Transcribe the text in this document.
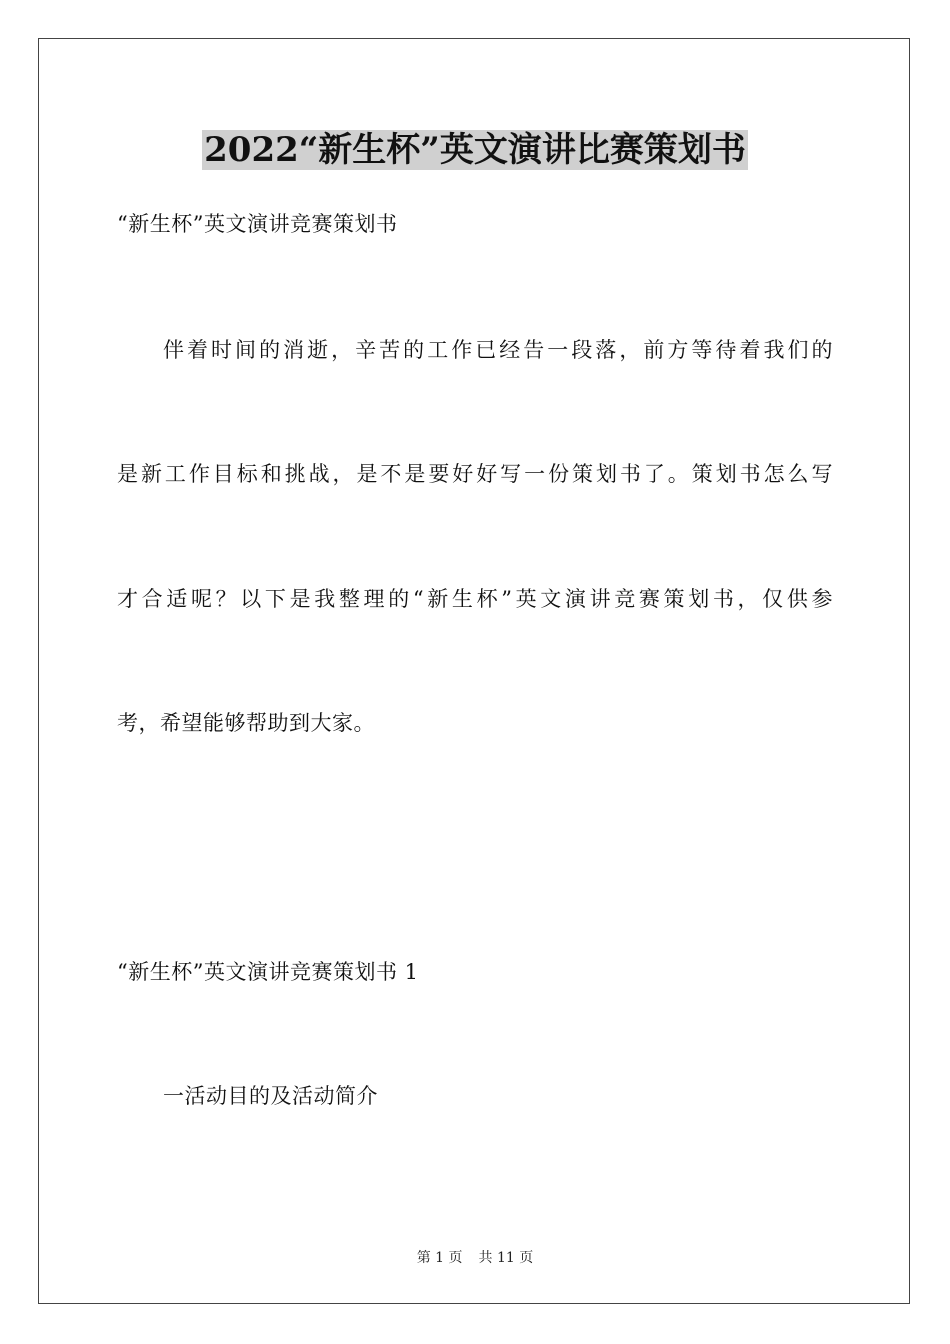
2022“新生杯”英文演讲比赛策划书
“新生杯”英文演讲竞赛策划书
伴着时间的消逝，辛苦的工作已经告一段落，前方等待着我们的
是新工作目标和挑战，是不是要好好写一份策划书了。策划书怎么写
才合适呢？以下是我整理的“新生杯”英文演讲竞赛策划书，仅供参
考，希望能够帮助到大家。
“新生杯”英文演讲竞赛策划书 1
一活动目的及活动简介
第 1 页 共 11 页
